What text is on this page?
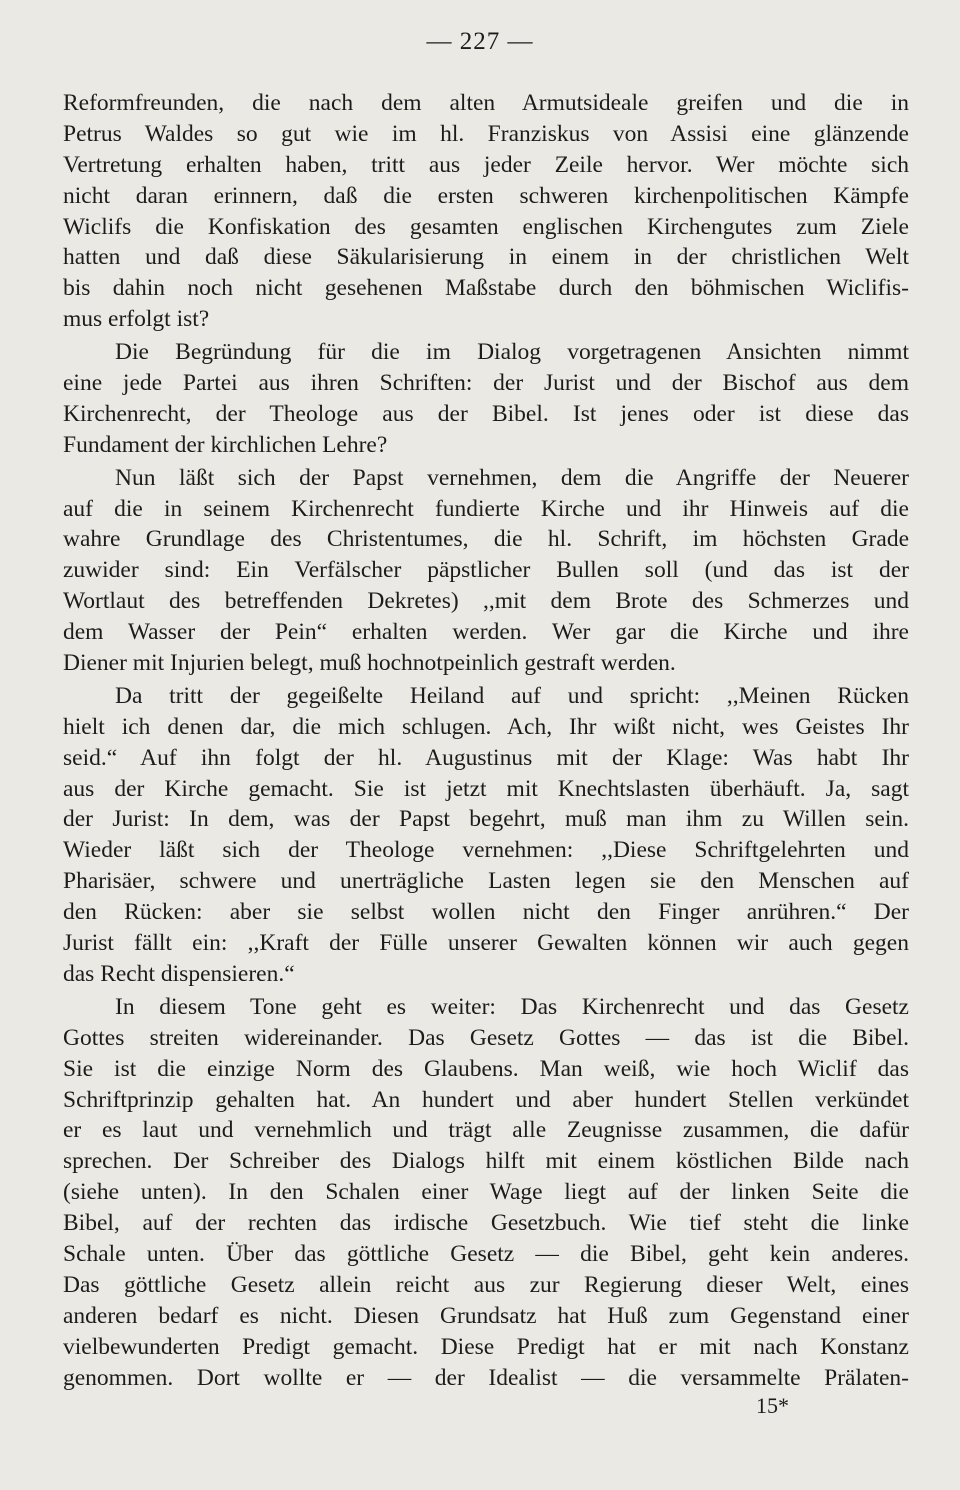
— 227 —
Reformfreunden, die nach dem alten Armutsideale greifen und die in
Petrus Waldes so gut wie im hl. Franziskus von Assisi eine glänzende
Vertretung erhalten haben, tritt aus jeder Zeile hervor. Wer möchte sich
nicht daran erinnern, daß die ersten schweren kirchenpolitischen Kämpfe
Wiclifs die Konfiskation des gesamten englischen Kirchengutes zum Ziele
hatten und daß diese Säkularisierung in einem in der christlichen Welt
bis dahin noch nicht gesehenen Maßstabe durch den böhmischen Wiclifis-
mus erfolgt ist?
Die Begründung für die im Dialog vorgetragenen Ansichten nimmt
eine jede Partei aus ihren Schriften: der Jurist und der Bischof aus dem
Kirchenrecht, der Theologe aus der Bibel. Ist jenes oder ist diese das
Fundament der kirchlichen Lehre?
Nun läßt sich der Papst vernehmen, dem die Angriffe der Neuerer
auf die in seinem Kirchenrecht fundierte Kirche und ihr Hinweis auf die
wahre Grundlage des Christentumes, die hl. Schrift, im höchsten Grade
zuwider sind: Ein Verfälscher päpstlicher Bullen soll (und das ist der
Wortlaut des betreffenden Dekretes) ,,mit dem Brote des Schmerzes und
dem Wasser der Pein“ erhalten werden. Wer gar die Kirche und ihre
Diener mit Injurien belegt, muß hochnotpeinlich gestraft werden.
Da tritt der gegeißelte Heiland auf und spricht: ,,Meinen Rücken
hielt ich denen dar, die mich schlugen. Ach, Ihr wißt nicht, wes Geistes Ihr
seid.“ Auf ihn folgt der hl. Augustinus mit der Klage: Was habt Ihr
aus der Kirche gemacht. Sie ist jetzt mit Knechtslasten überhäuft. Ja, sagt
der Jurist: In dem, was der Papst begehrt, muß man ihm zu Willen sein.
Wieder läßt sich der Theologe vernehmen: ,,Diese Schriftgelehrten und
Pharisäer, schwere und unerträgliche Lasten legen sie den Menschen auf
den Rücken: aber sie selbst wollen nicht den Finger anrühren.“ Der
Jurist fällt ein: ,,Kraft der Fülle unserer Gewalten können wir auch gegen
das Recht dispensieren.“
In diesem Tone geht es weiter: Das Kirchenrecht und das Gesetz
Gottes streiten widereinander. Das Gesetz Gottes — das ist die Bibel.
Sie ist die einzige Norm des Glaubens. Man weiß, wie hoch Wiclif das
Schriftprinzip gehalten hat. An hundert und aber hundert Stellen verkündet
er es laut und vernehmlich und trägt alle Zeugnisse zusammen, die dafür
sprechen. Der Schreiber des Dialogs hilft mit einem köstlichen Bilde nach
(siehe unten). In den Schalen einer Wage liegt auf der linken Seite die
Bibel, auf der rechten das irdische Gesetzbuch. Wie tief steht die linke
Schale unten. Über das göttliche Gesetz — die Bibel, geht kein anderes.
Das göttliche Gesetz allein reicht aus zur Regierung dieser Welt, eines
anderen bedarf es nicht. Diesen Grundsatz hat Huß zum Gegenstand einer
vielbewunderten Predigt gemacht. Diese Predigt hat er mit nach Konstanz
genommen. Dort wollte er — der Idealist — die versammelte Prälaten-
15*
